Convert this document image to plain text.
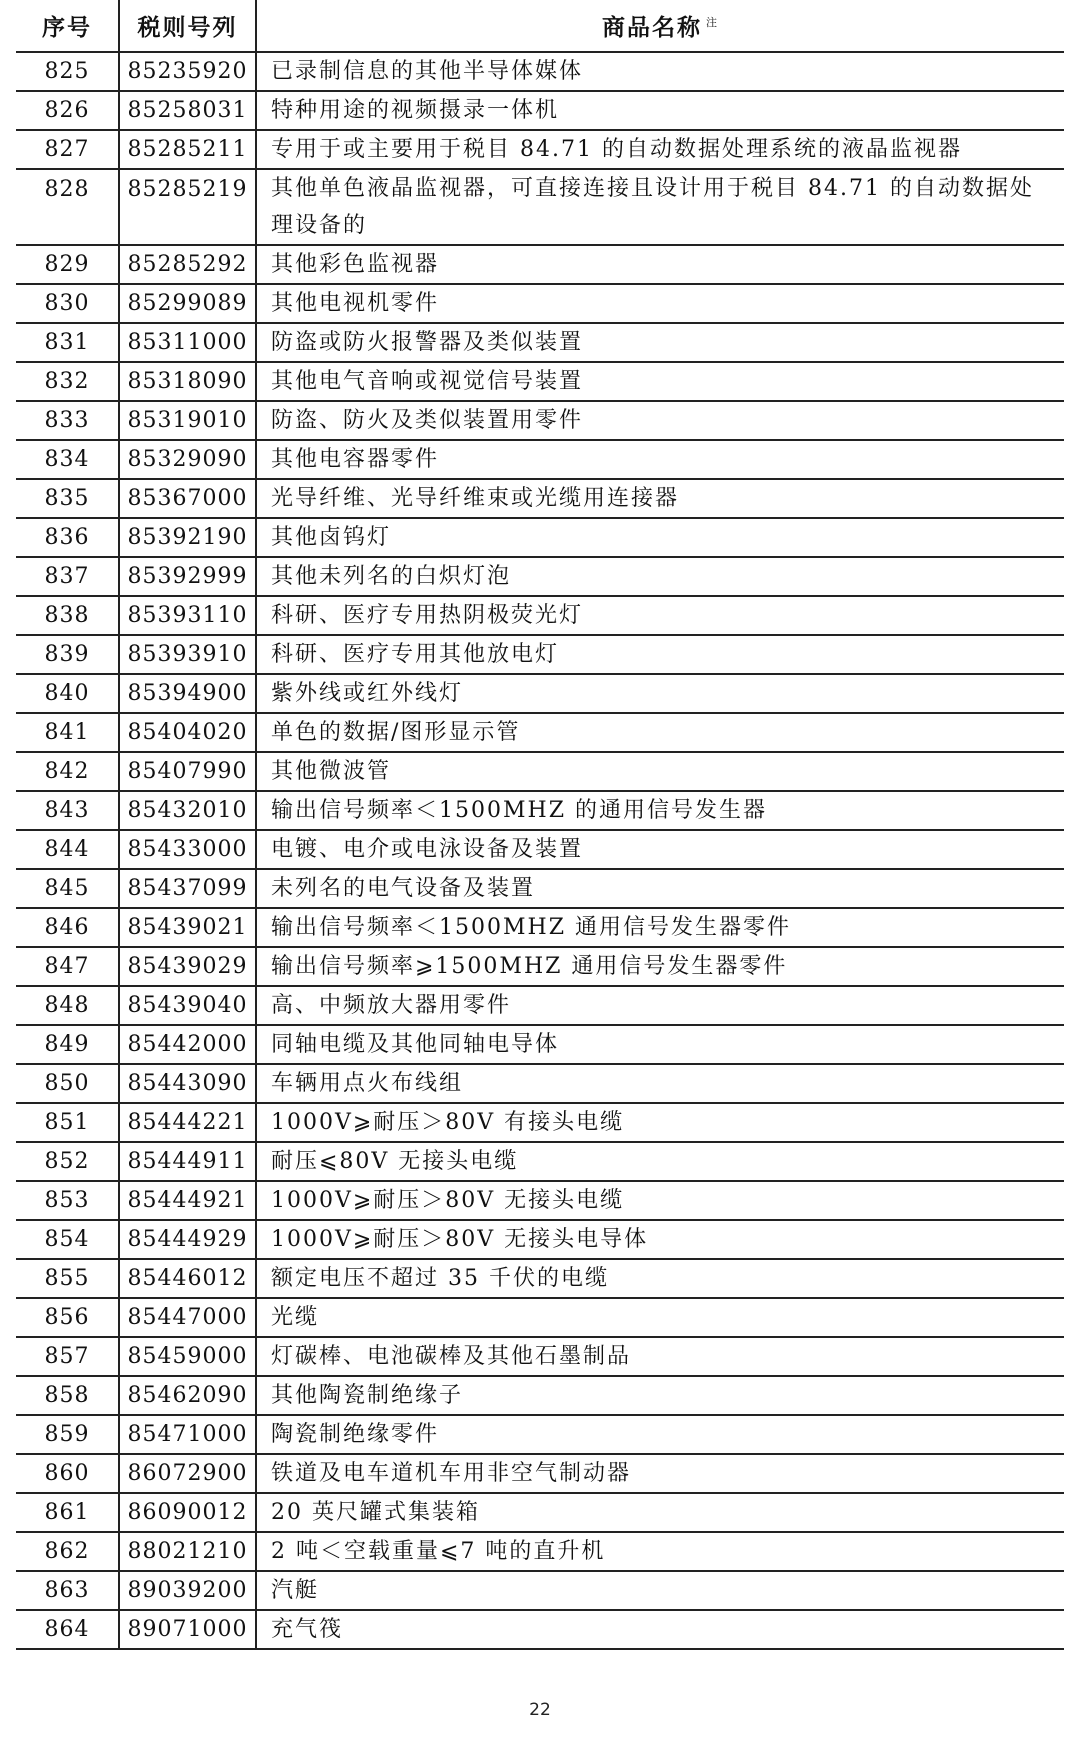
序号	税则号列	商品名称 $^注$
825	85235920	已录制信息的其他半导体媒体
826	85258031	特种用途的视频摄录一体机
827	85285211	专用于或主要用于税目 84.71 的自动数据处理系统的液晶监视器
828	85285219	其他单色液晶监视器，可直接连接且设计用于税目 84.71 的自动数据处理设备的
829	85285292	其他彩色监视器
830	85299089	其他电视机零件
831	85311000	防盗或防火报警器及类似装置
832	85318090	其他电气音响或视觉信号装置
833	85319010	防盗、防火及类似装置用零件
834	85329090	其他电容器零件
835	85367000	光导纤维、光导纤维束或光缆用连接器
836	85392190	其他卤钨灯
837	85392999	其他未列名的白炽灯泡
838	85393110	科研、医疗专用热阴极荧光灯
839	85393910	科研、医疗专用其他放电灯
840	85394900	紫外线或红外线灯
841	85404020	单色的数据/图形显示管
842	85407990	其他微波管
843	85432010	输出信号频率＜1500MHZ 的通用信号发生器
844	85433000	电镀、电介或电泳设备及装置
845	85437099	未列名的电气设备及装置
846	85439021	输出信号频率＜1500MHZ 通用信号发生器零件
847	85439029	输出信号频率⩾1500MHZ 通用信号发生器零件
848	85439040	高、中频放大器用零件
849	85442000	同轴电缆及其他同轴电导体
850	85443090	车辆用点火布线组
851	85444221	1000V⩾耐压＞80V 有接头电缆
852	85444911	耐压⩽80V 无接头电缆
853	85444921	1000V⩾耐压＞80V 无接头电缆
854	85444929	1000V⩾耐压＞80V 无接头电导体
855	85446012	额定电压不超过 35 千伏的电缆
856	85447000	光缆
857	85459000	灯碳棒、电池碳棒及其他石墨制品
858	85462090	其他陶瓷制绝缘子
859	85471000	陶瓷制绝缘零件
860	86072900	铁道及电车道机车用非空气制动器
861	86090012	20 英尺罐式集装箱
862	88021210	2 吨＜空载重量⩽7 吨的直升机
863	89039200	汽艇
864	89071000	充气筏
22
